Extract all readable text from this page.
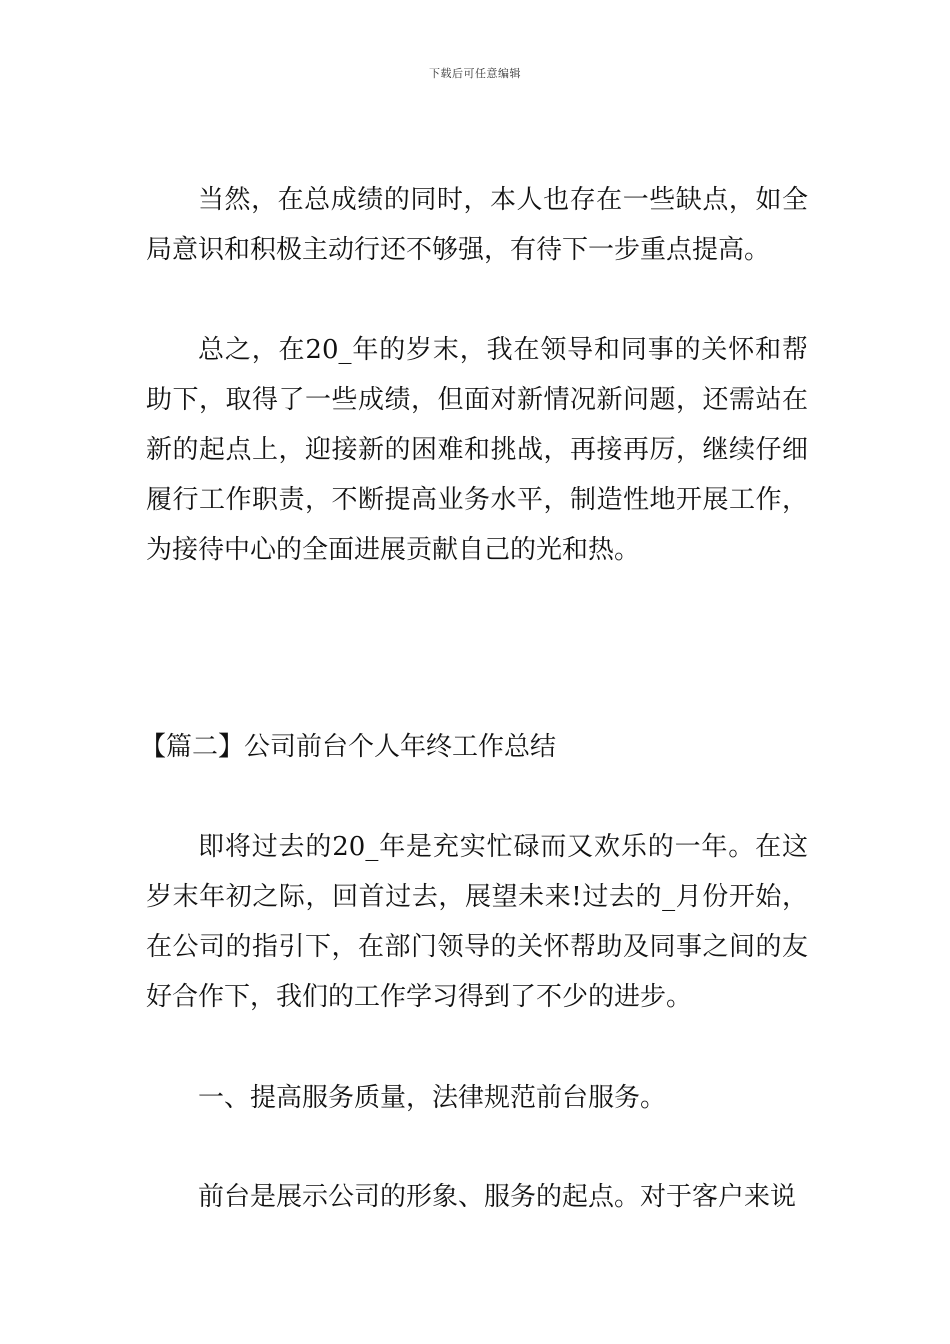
下载后可任意编辑

当然，在总成绩的同时，本人也存在一些缺点，如全局意识和积极主动行还不够强，有待下一步重点提高。

总之，在20_年的岁末，我在领导和同事的关怀和帮助下，取得了一些成绩，但面对新情况新问题，还需站在新的起点上，迎接新的困难和挑战，再接再厉，继续仔细履行工作职责，不断提高业务水平，制造性地开展工作，为接待中心的全面进展贡献自己的光和热。

【篇二】公司前台个人年终工作总结

即将过去的20_年是充实忙碌而又欢乐的一年。在这岁末年初之际，回首过去，展望未来!过去的_月份开始，在公司的指引下，在部门领导的关怀帮助及同事之间的友好合作下，我们的工作学习得到了不少的进步。

一、提高服务质量，法律规范前台服务。

前台是展示公司的形象、服务的起点。对于客户来说
